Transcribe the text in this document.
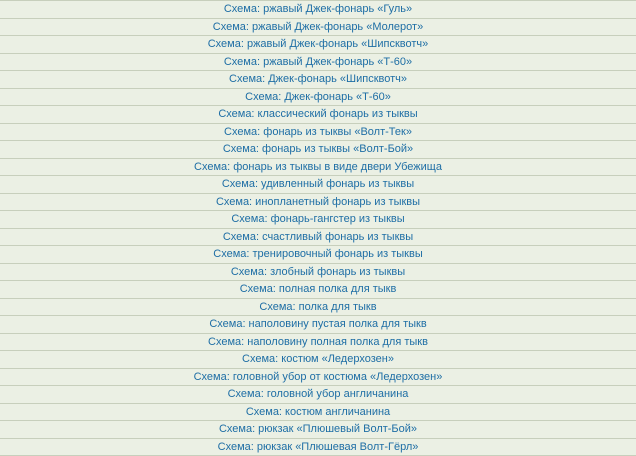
Схема: ржавый Джек-фонарь «Гуль»
Схема: ржавый Джек-фонарь «Молерот»
Схема: ржавый Джек-фонарь «Шипсквотч»
Схема: ржавый Джек-фонарь «Т-60»
Схема: Джек-фонарь «Шипсквотч»
Схема: Джек-фонарь «Т-60»
Схема: классический фонарь из тыквы
Схема: фонарь из тыквы «Волт-Тек»
Схема: фонарь из тыквы «Волт-Бой»
Схема: фонарь из тыквы в виде двери Убежища
Схема: удивленный фонарь из тыквы
Схема: инопланетный фонарь из тыквы
Схема: фонарь-гангстер из тыквы
Схема: счастливый фонарь из тыквы
Схема: тренировочный фонарь из тыквы
Схема: злобный фонарь из тыквы
Схема: полная полка для тыкв
Схема: полка для тыкв
Схема: наполовину пустая полка для тыкв
Схема: наполовину полная полка для тыкв
Схема: костюм «Ледерхозен»
Схема: головной убор от костюма «Ледерхозен»
Схема: головной убор англичанина
Схема: костюм англичанина
Схема: рюкзак «Плюшевый Волт-Бой»
Схема: рюкзак «Плюшевая Волт-Гёрл»
